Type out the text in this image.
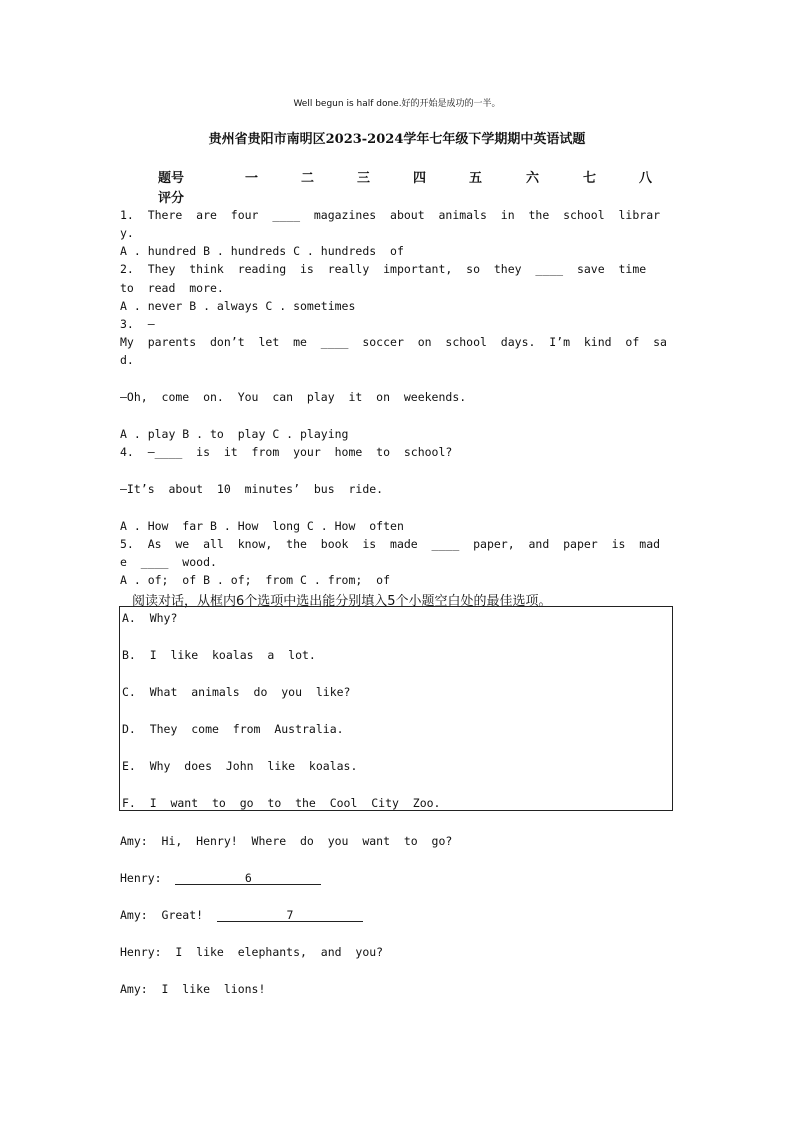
Well begun is half done.好的开始是成功的一半。
贵州省贵阳市南明区2023-2024学年七年级下学期期中英语试题
题号	一	二	三	四	五	六	七	八
评分
1.  There  are  four  ____  magazines  about  animals  in  the  school  librar
y.
A . hundred B . hundreds C . hundreds  of
2.  They  think  reading  is  really  important,  so  they  ____  save  time
to  read  more.
A . never B . always C . sometimes
3.  —
My  parents  don’t  let  me  ____  soccer  on  school  days.  I’m  kind  of  sa
d.
—Oh,  come  on.  You  can  play  it  on  weekends.
A . play B . to  play C . playing
4.  —____  is  it  from  your  home  to  school?
—It’s  about  10  minutes’  bus  ride.
A . How  far B . How  long C . How  often
5.  As  we  all  know,  the  book  is  made  ____  paper,  and  paper  is  mad
e  ____  wood.
A . of;  of B . of;  from C . from;  of
阅读对话，从框内6个选项中选出能分别填入5个小题空白处的最佳选项。
A.  Why?
B.  I  like  koalas  a  lot.
C.  What  animals  do  you  like?
D.  They  come  from  Australia.
E.  Why  does  John  like  koalas.
F.  I  want  to  go  to  the  Cool  City  Zoo.
Amy:  Hi,  Henry!  Where  do  you  want  to  go?
Henry:	6
Amy:  Great!	7
Henry:  I  like  elephants,  and  you?
Amy:  I  like  lions!
